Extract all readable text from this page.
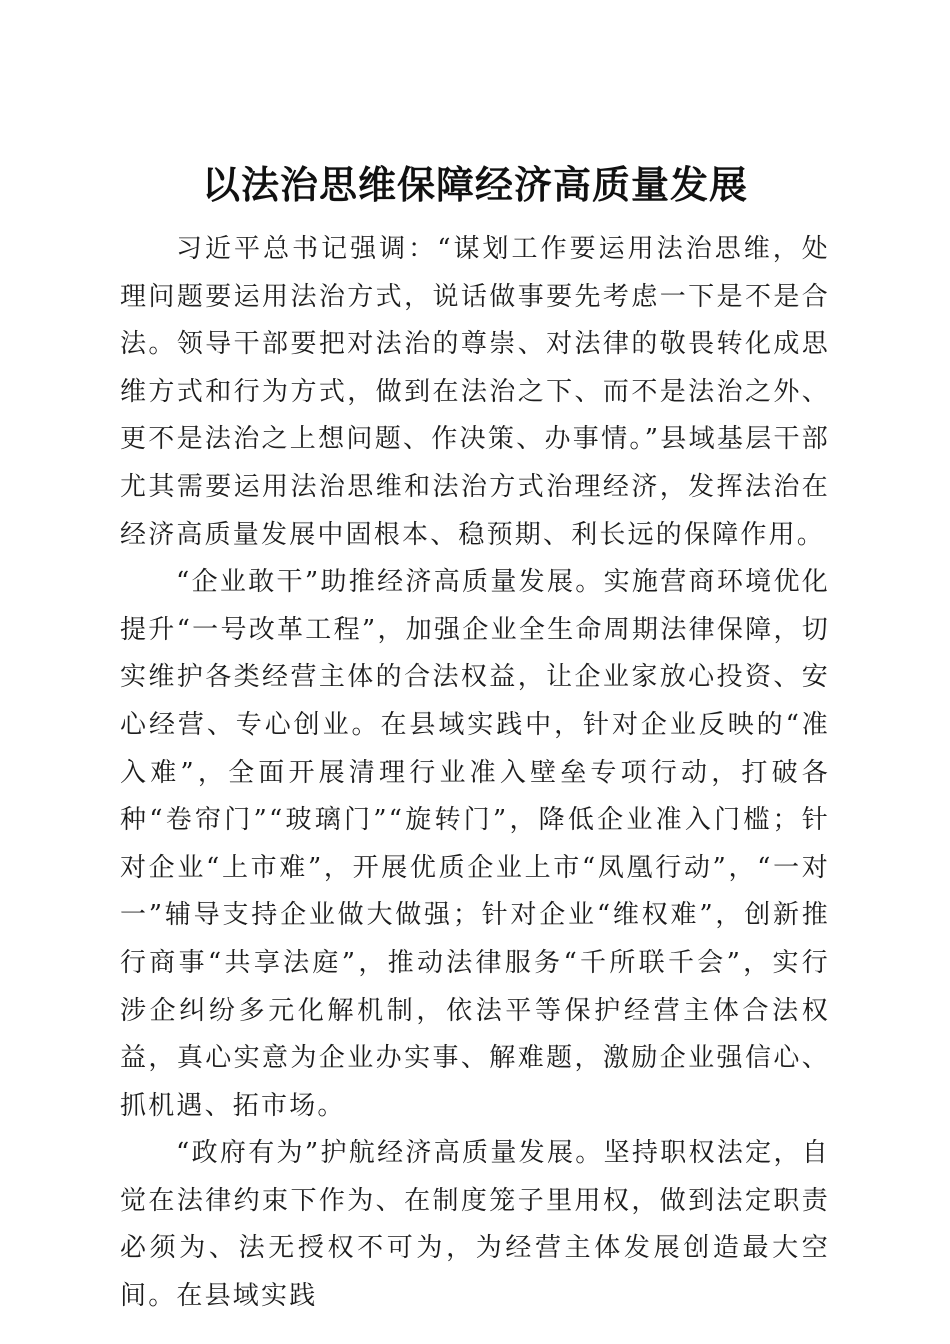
以法治思维保障经济高质量发展

习近平总书记强调：“谋划工作要运用法治思维，处理问题要运用法治方式，说话做事要先考虑一下是不是合法。领导干部要把对法治的尊崇、对法律的敬畏转化成思维方式和行为方式，做到在法治之下、而不是法治之外、更不是法治之上想问题、作决策、办事情。”县域基层干部尤其需要运用法治思维和法治方式治理经济，发挥法治在经济高质量发展中固根本、稳预期、利长远的保障作用。

“企业敢干”助推经济高质量发展。实施营商环境优化提升“一号改革工程”，加强企业全生命周期法律保障，切实维护各类经营主体的合法权益，让企业家放心投资、安心经营、专心创业。在县域实践中，针对企业反映的“准入难”，全面开展清理行业准入壁垒专项行动，打破各种“卷帘门”“玻璃门”“旋转门”，降低企业准入门槛；针对企业“上市难”，开展优质企业上市“凤凰行动”，“一对一”辅导支持企业做大做强；针对企业“维权难”，创新推行商事“共享法庭”，推动法律服务“千所联千会”，实行涉企纠纷多元化解机制，依法平等保护经营主体合法权益，真心实意为企业办实事、解难题，激励企业强信心、抓机遇、拓市场。

“政府有为”护航经济高质量发展。坚持职权法定，自觉在法律约束下作为、在制度笼子里用权，做到法定职责必须为、法无授权不可为，为经营主体发展创造最大空间。在县域实践
